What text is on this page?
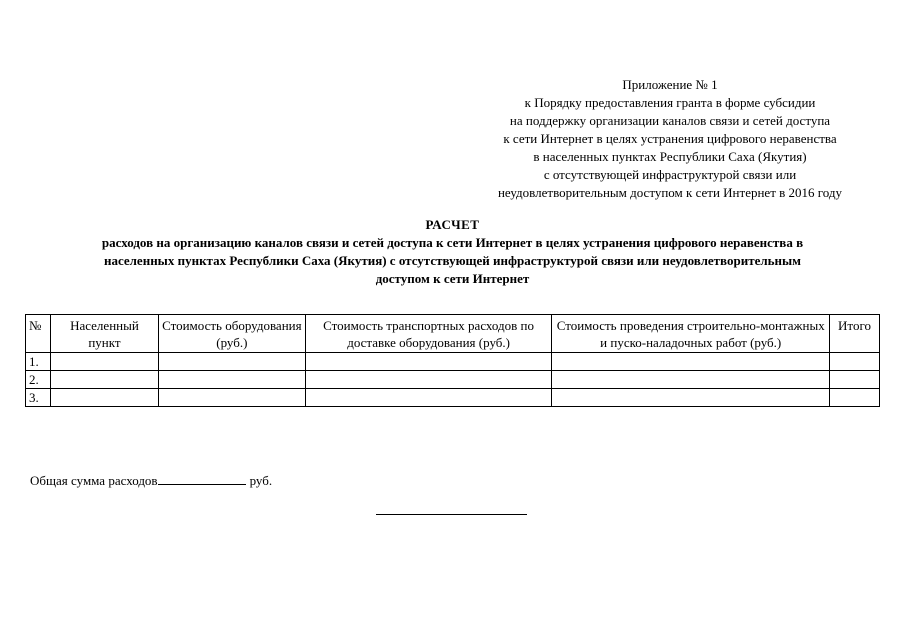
Приложение № 1
к Порядку предоставления гранта в форме субсидии
на поддержку организации каналов связи и сетей доступа
к сети Интернет в целях устранения цифрового неравенства
в населенных пунктах Республики Саха (Якутия)
с отсутствующей инфраструктурой связи или
неудовлетворительным доступом к сети Интернет в 2016 году
РАСЧЕТ
расходов на организацию каналов связи и сетей доступа к сети Интернет в целях устранения цифрового неравенства в
населенных пунктах Республики Саха (Якутия) с отсутствующей инфраструктурой связи или неудовлетворительным
доступом к сети Интернет
№	Населенный пункт	Стоимость оборудования (руб.)	Стоимость транспортных расходов по доставке оборудования (руб.)	Стоимость проведения строительно-монтажных и пуско-наладочных работ (руб.)	Итого
1.					
2.					
3.					
Общая сумма расходов	руб.
